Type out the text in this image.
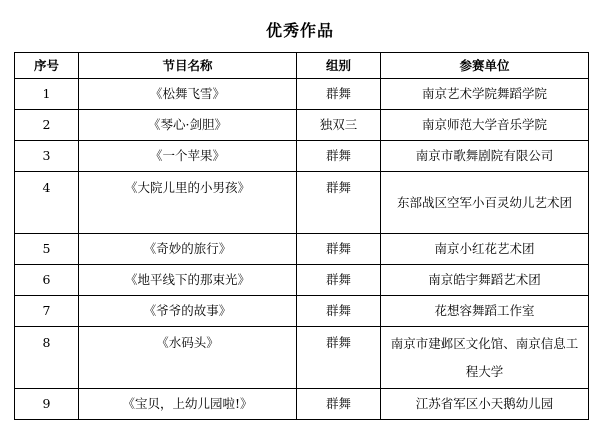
优秀作品
序号	节目名称	组别	参赛单位
1	《松舞飞雪》	群舞	南京艺术学院舞蹈学院
2	《琴心·剑胆》	独双三	南京师范大学音乐学院
3	《一个苹果》	群舞	南京市歌舞剧院有限公司
4	《大院儿里的小男孩》	群舞	东部战区空军小百灵幼儿艺术团
5	《奇妙的旅行》	群舞	南京小红花艺术团
6	《地平线下的那束光》	群舞	南京皓宇舞蹈艺术团
7	《爷爷的故事》	群舞	花想容舞蹈工作室
8	《水码头》	群舞	南京市建邺区文化馆、南京信息工程大学
9	《宝贝，上幼儿园啦!》	群舞	江苏省军区小天鹅幼儿园
